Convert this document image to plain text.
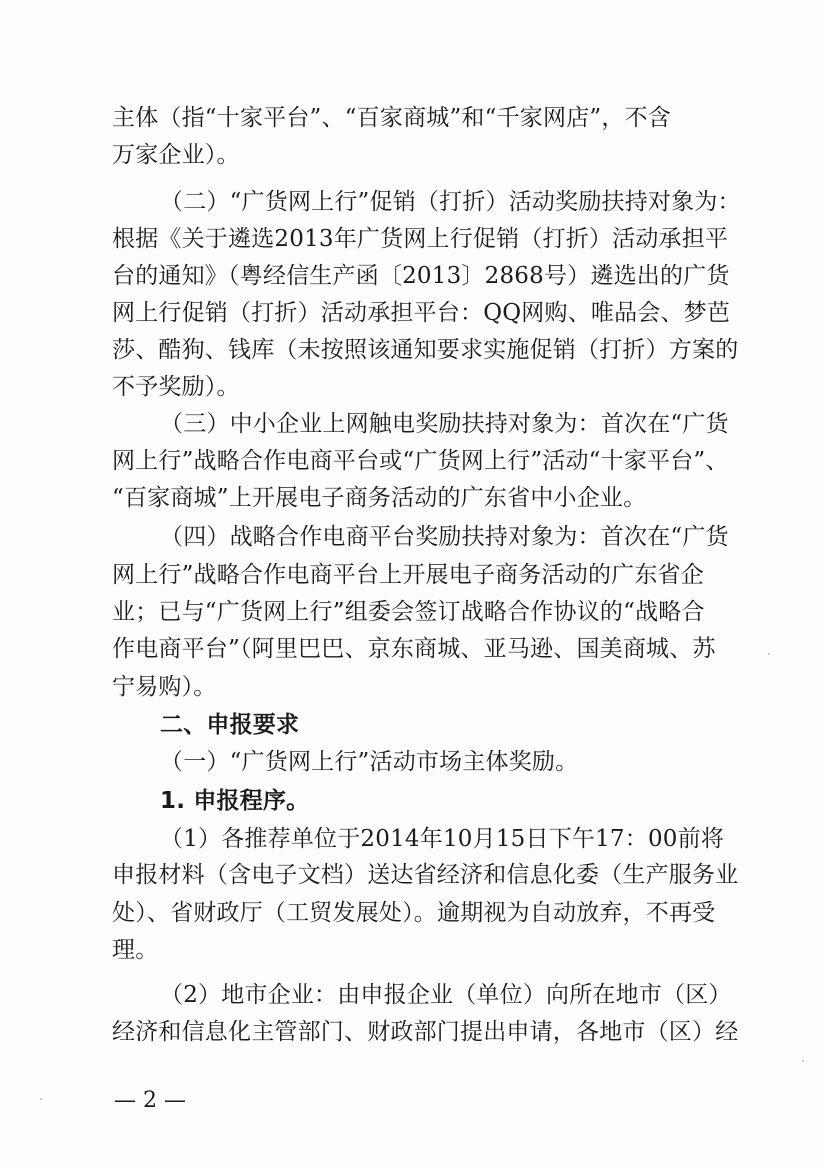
主体（指“十家平台”、“百家商城”和“千家网店”，不含
万家企业）。
（二）“广货网上行”促销（打折）活动奖励扶持对象为：
根据《关于遴选2013年广货网上行促销（打折）活动承担平
台的通知》（粤经信生产函〔2013〕2868号）遴选出的广货
网上行促销（打折）活动承担平台：QQ网购、唯品会、梦芭
莎、酷狗、钱库（未按照该通知要求实施促销（打折）方案的
不予奖励）。
（三）中小企业上网触电奖励扶持对象为：首次在“广货
网上行”战略合作电商平台或“广货网上行”活动“十家平台”、
“百家商城”上开展电子商务活动的广东省中小企业。
（四）战略合作电商平台奖励扶持对象为：首次在“广货
网上行”战略合作电商平台上开展电子商务活动的广东省企
业；已与“广货网上行”组委会签订战略合作协议的“战略合
作电商平台”（阿里巴巴、京东商城、亚马逊、国美商城、苏
宁易购）。
二、申报要求
（一）“广货网上行”活动市场主体奖励。
1. 申报程序。
（1）各推荐单位于2014年10月15日下午17：00前将
申报材料（含电子文档）送达省经济和信息化委（生产服务业
处）、省财政厅（工贸发展处）。逾期视为自动放弃，不再受
理。
（2）地市企业：由申报企业（单位）向所在地市（区）
经济和信息化主管部门、财政部门提出申请，各地市（区）经
— 2 —
